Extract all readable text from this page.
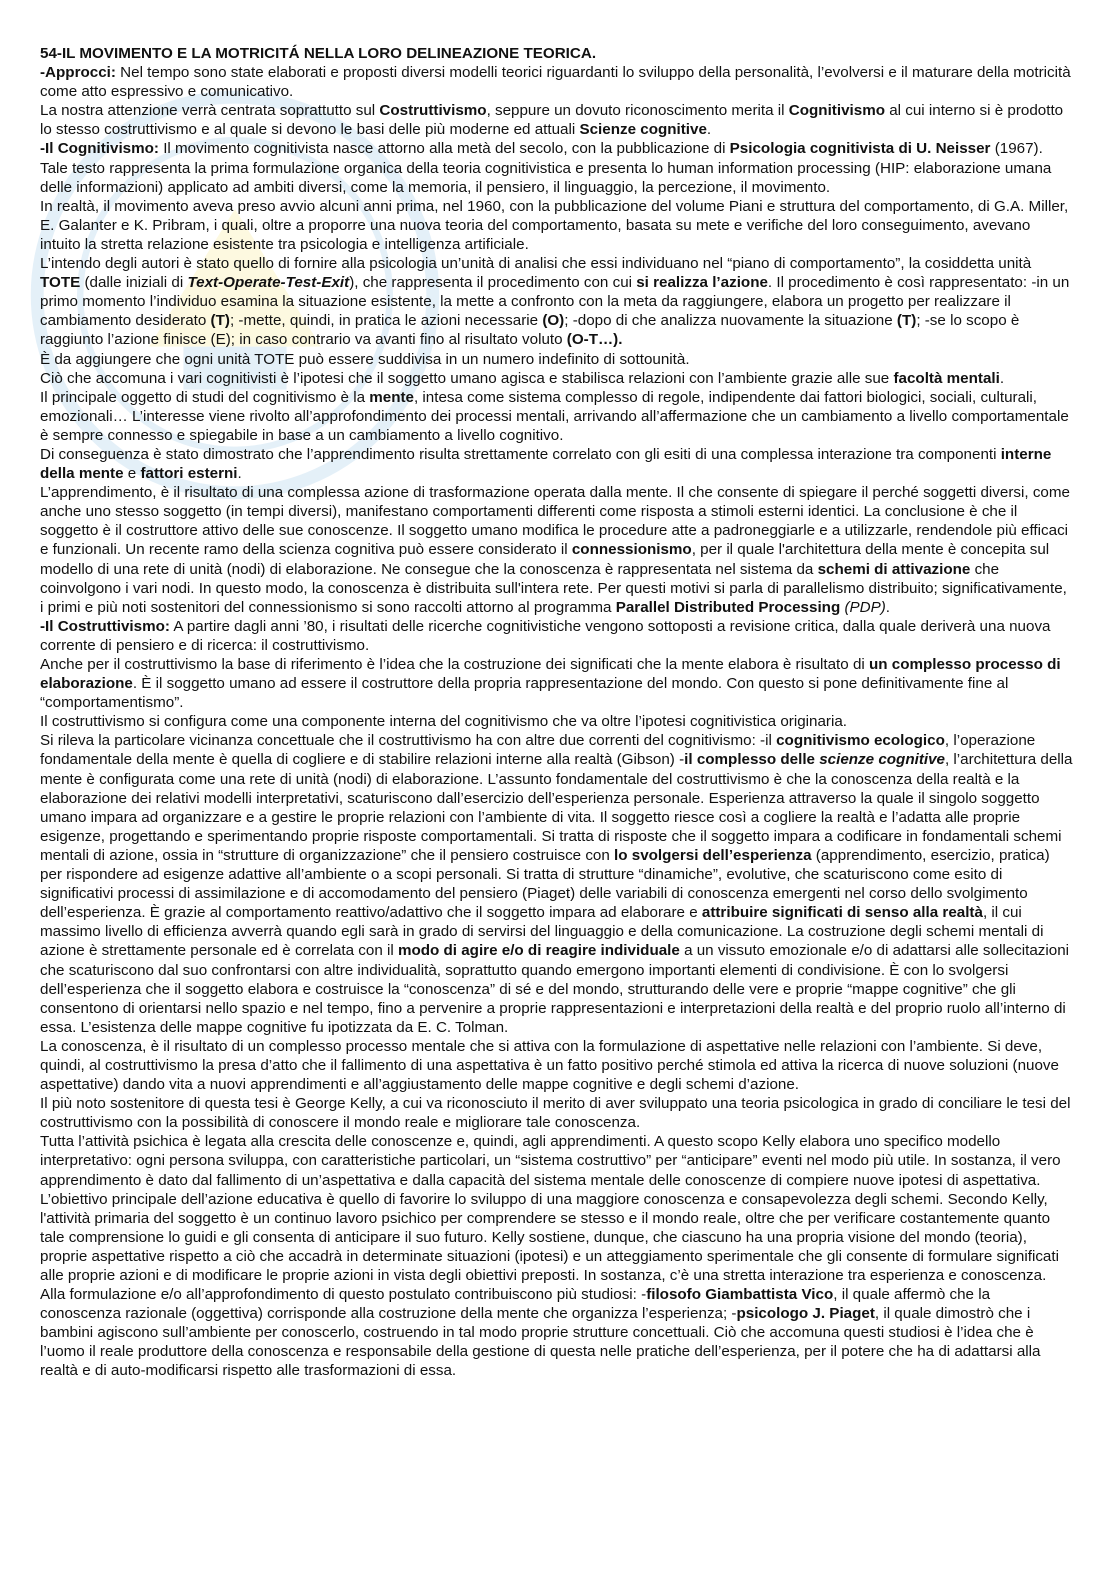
54-IL MOVIMENTO E LA MOTRICITÁ NELLA LORO DELINEAZIONE TEORICA.

-Approcci: Nel tempo sono state elaborati e proposti diversi modelli teorici riguardanti lo sviluppo della personalità, l’evolversi e il maturare della motricità come atto espressivo e comunicativo.

La nostra attenzione verrà centrata soprattutto sul Costruttivismo, seppure un dovuto riconoscimento merita il Cognitivismo al cui interno si è prodotto lo stesso costruttivismo e al quale si devono le basi delle più moderne ed attuali Scienze cognitive.

-Il Cognitivismo: Il movimento cognitivista nasce attorno alla metà del secolo, con la pubblicazione di Psicologia cognitivista di U. Neisser (1967). Tale testo rappresenta la prima formulazione organica della teoria cognitivistica e presenta lo human information processing (HIP: elaborazione umana delle informazioni) applicato ad ambiti diversi, come la memoria, il pensiero, il linguaggio, la percezione, il movimento.

In realtà, il movimento aveva preso avvio alcuni anni prima, nel 1960, con la pubblicazione del volume Piani e struttura del comportamento, di G.A. Miller, E. Galanter e K. Pribram, i quali, oltre a proporre una nuova teoria del comportamento, basata su mete e verifiche del loro conseguimento, avevano intuito la stretta relazione esistente tra psicologia e intelligenza artificiale.

L’intendo degli autori è stato quello di fornire alla psicologia un’unità di analisi che essi individuano nel “piano di comportamento”, la cosiddetta unità TOTE (dalle iniziali di Text-Operate-Test-Exit), che rappresenta il procedimento con cui si realizza l’azione. Il procedimento è così rappresentato: -in un primo momento l’individuo esamina la situazione esistente, la mette a confronto con la meta da raggiungere, elabora un progetto per realizzare il cambiamento desiderato (T); -mette, quindi, in pratica le azioni necessarie (O); -dopo di che analizza nuovamente la situazione (T); -se lo scopo è raggiunto l’azione finisce (E); in caso contrario va avanti fino al risultato voluto (O-T…).

È da aggiungere che ogni unità TOTE può essere suddivisa in un numero indefinito di sottounità.

Ciò che accomuna i vari cognitivisti è l’ipotesi che il soggetto umano agisca e stabilisca relazioni con l’ambiente grazie alle sue facoltà mentali.

Il principale oggetto di studi del cognitivismo è la mente, intesa come sistema complesso di regole, indipendente dai fattori biologici, sociali, culturali, emozionali… L’interesse viene rivolto all’approfondimento dei processi mentali, arrivando all’affermazione che un cambiamento a livello comportamentale è sempre connesso e spiegabile in base a un cambiamento a livello cognitivo.

Di conseguenza è stato dimostrato che l’apprendimento risulta strettamente correlato con gli esiti di una complessa interazione tra componenti interne della mente e fattori esterni.

L’apprendimento, è il risultato di una complessa azione di trasformazione operata dalla mente. Il che consente di spiegare il perché soggetti diversi, come anche uno stesso soggetto (in tempi diversi), manifestano comportamenti differenti come risposta a stimoli esterni identici. La conclusione è che il soggetto è il costruttore attivo delle sue conoscenze. Il soggetto umano modifica le procedure atte a padroneggiarle e a utilizzarle, rendendole più efficaci e funzionali. Un recente ramo della scienza cognitiva può essere considerato il connessionismo, per il quale l'architettura della mente è concepita sul modello di una rete di unità (nodi) di elaborazione. Ne consegue che la conoscenza è rappresentata nel sistema da schemi di attivazione che coinvolgono i vari nodi. In questo modo, la conoscenza è distribuita sull'intera rete. Per questi motivi si parla di parallelismo distribuito; significativamente, i primi e più noti sostenitori del connessionismo si sono raccolti attorno al programma Parallel Distributed Processing (PDP).

-Il Costruttivismo: A partire dagli anni ’80, i risultati delle ricerche cognitivistiche vengono sottoposti a revisione critica, dalla quale deriverà una nuova corrente di pensiero e di ricerca: il costruttivismo.

Anche per il costruttivismo la base di riferimento è l’idea che la costruzione dei significati che la mente elabora è risultato di un complesso processo di elaborazione. È il soggetto umano ad essere il costruttore della propria rappresentazione del mondo. Con questo si pone definitivamente fine al “comportamentismo”.

Il costruttivismo si configura come una componente interna del cognitivismo che va oltre l’ipotesi cognitivistica originaria.

Si rileva la particolare vicinanza concettuale che il costruttivismo ha con altre due correnti del cognitivismo: -il cognitivismo ecologico, l’operazione fondamentale della mente è quella di cogliere e di stabilire relazioni interne alla realtà (Gibson) -il complesso delle scienze cognitive, l’architettura della mente è configurata come una rete di unità (nodi) di elaborazione. L’assunto fondamentale del costruttivismo è che la conoscenza della realtà e la elaborazione dei relativi modelli interpretativi, scaturiscono dall’esercizio dell’esperienza personale. Esperienza attraverso la quale il singolo soggetto umano impara ad organizzare e a gestire le proprie relazioni con l’ambiente di vita. Il soggetto riesce così a cogliere la realtà e l’adatta alle proprie esigenze, progettando e sperimentando proprie risposte comportamentali. Si tratta di risposte che il soggetto impara a codificare in fondamentali schemi mentali di azione, ossia in “strutture di organizzazione” che il pensiero costruisce con lo svolgersi dell’esperienza (apprendimento, esercizio, pratica) per rispondere ad esigenze adattive all’ambiente o a scopi personali. Si tratta di strutture “dinamiche”, evolutive, che scaturiscono come esito di significativi processi di assimilazione e di accomodamento del pensiero (Piaget) delle variabili di conoscenza emergenti nel corso dello svolgimento dell’esperienza. È grazie al comportamento reattivo/adattivo che il soggetto impara ad elaborare e attribuire significati di senso alla realtà, il cui massimo livello di efficienza avverrà quando egli sarà in grado di servirsi del linguaggio e della comunicazione. La costruzione degli schemi mentali di azione è strettamente personale ed è correlata con il modo di agire e/o di reagire individuale a un vissuto emozionale e/o di adattarsi alle sollecitazioni che scaturiscono dal suo confrontarsi con altre individualità, soprattutto quando emergono importanti elementi di condivisione. È con lo svolgersi dell’esperienza che il soggetto elabora e costruisce la “conoscenza” di sé e del mondo, strutturando delle vere e proprie “mappe cognitive” che gli consentono di orientarsi nello spazio e nel tempo, fino a pervenire a proprie rappresentazioni e interpretazioni della realtà e del proprio ruolo all’interno di essa. L’esistenza delle mappe cognitive fu ipotizzata da E. C. Tolman.

La conoscenza, è il risultato di un complesso processo mentale che si attiva con la formulazione di aspettative nelle relazioni con l’ambiente. Si deve, quindi, al costruttivismo la presa d’atto che il fallimento di una aspettativa è un fatto positivo perché stimola ed attiva la ricerca di nuove soluzioni (nuove aspettative) dando vita a nuovi apprendimenti e all’aggiustamento delle mappe cognitive e degli schemi d’azione.

Il più noto sostenitore di questa tesi è George Kelly, a cui va riconosciuto il merito di aver sviluppato una teoria psicologica in grado di conciliare le tesi del costruttivismo con la possibilità di conoscere il mondo reale e migliorare tale conoscenza.

Tutta l’attività psichica è legata alla crescita delle conoscenze e, quindi, agli apprendimenti. A questo scopo Kelly elabora uno specifico modello interpretativo: ogni persona sviluppa, con caratteristiche particolari, un “sistema costruttivo” per “anticipare” eventi nel modo più utile. In sostanza, il vero apprendimento è dato dal fallimento di un’aspettativa e dalla capacità del sistema mentale delle conoscenze di compiere nuove ipotesi di aspettativa. L’obiettivo principale dell’azione educativa è quello di favorire lo sviluppo di una maggiore conoscenza e consapevolezza degli schemi. Secondo Kelly, l'attività primaria del soggetto è un continuo lavoro psichico per comprendere se stesso e il mondo reale, oltre che per verificare costantemente quanto tale comprensione lo guidi e gli consenta di anticipare il suo futuro. Kelly sostiene, dunque, che ciascuno ha una propria visione del mondo (teoria), proprie aspettative rispetto a ciò che accadrà in determinate situazioni (ipotesi) e un atteggiamento sperimentale che gli consente di formulare significati alle proprie azioni e di modificare le proprie azioni in vista degli obiettivi preposti. In sostanza, c’è una stretta interazione tra esperienza e conoscenza. Alla formulazione e/o all’approfondimento di questo postulato contribuiscono più studiosi: -filosofo Giambattista Vico, il quale affermò che la conoscenza razionale (oggettiva) corrisponde alla costruzione della mente che organizza l’esperienza; -psicologo J. Piaget, il quale dimostrò che i bambini agiscono sull’ambiente per conoscerlo, costruendo in tal modo proprie strutture concettuali. Ciò che accomuna questi studiosi è l’idea che è l’uomo il reale produttore della conoscenza e responsabile della gestione di questa nelle pratiche dell’esperienza, per il potere che ha di adattarsi alla realtà e di auto-modificarsi rispetto alle trasformazioni di essa.
